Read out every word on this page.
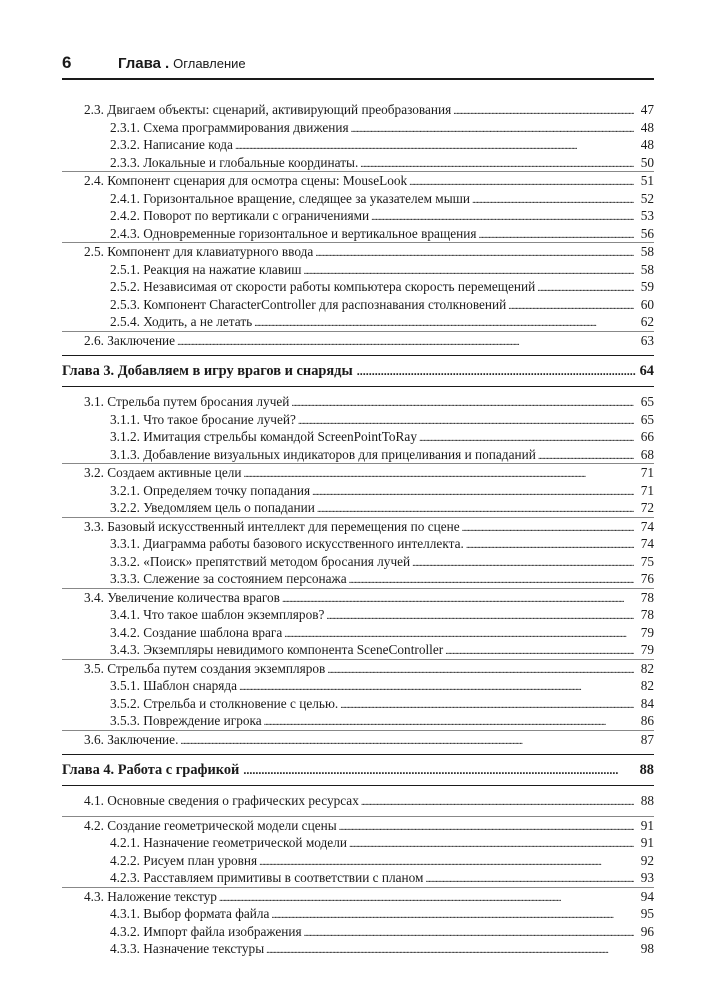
6	Глава . Оглавление
2.3. Двигаем объекты: сценарий, активирующий преобразования . . .	47
2.3.1. Схема программирования движения . . .	48
2.3.2. Написание кода . . .	48
2.3.3. Локальные и глобальные координаты. . . .	50
2.4. Компонент сценария для осмотра сцены: MouseLook . . .	51
2.4.1. Горизонтальное вращение, следящее за указателем мыши . . .	52
2.4.2. Поворот по вертикали с ограничениями . . .	53
2.4.3. Одновременные горизонтальное и вертикальное вращения . . .	56
2.5. Компонент для клавиатурного ввода . . .	58
2.5.1. Реакция на нажатие клавиш . . .	58
2.5.2. Независимая от скорости работы компьютера скорость перемещений . . .	59
2.5.3. Компонент CharacterController для распознавания столкновений . . .	60
2.5.4. Ходить, а не летать . . .	62
2.6. Заключение . . .	63
Глава 3. Добавляем в игру врагов и снаряды . . .	64
3.1. Стрельба путем бросания лучей . . .	65
3.1.1. Что такое бросание лучей? . . .	65
3.1.2. Имитация стрельбы командой ScreenPointToRay . . .	66
3.1.3. Добавление визуальных индикаторов для прицеливания и попаданий . . .	68
3.2. Создаем активные цели . . .	71
3.2.1. Определяем точку попадания . . .	71
3.2.2. Уведомляем цель о попадании . . .	72
3.3. Базовый искусственный интеллект для перемещения по сцене . . .	74
3.3.1. Диаграмма работы базового искусственного интеллекта. . . .	74
3.3.2. «Поиск» препятствий методом бросания лучей . . .	75
3.3.3. Слежение за состоянием персонажа . . .	76
3.4. Увеличение количества врагов . . .	78
3.4.1. Что такое шаблон экземпляров? . . .	78
3.4.2. Создание шаблона врага . . .	79
3.4.3. Экземпляры невидимого компонента SceneController . . .	79
3.5. Стрельба путем создания экземпляров . . .	82
3.5.1. Шаблон снаряда . . .	82
3.5.2. Стрельба и столкновение с целью. . . .	84
3.5.3. Повреждение игрока . . .	86
3.6. Заключение. . . .	87
Глава 4. Работа с графикой . . .	88
4.1. Основные сведения о графических ресурсах . . .	88
4.2. Создание геометрической модели сцены . . .	91
4.2.1. Назначение геометрической модели . . .	91
4.2.2. Рисуем план уровня . . .	92
4.2.3. Расставляем примитивы в соответствии с планом . . .	93
4.3. Наложение текстур . . .	94
4.3.1. Выбор формата файла . . .	95
4.3.2. Импорт файла изображения . . .	96
4.3.3. Назначение текстуры . . .	98
